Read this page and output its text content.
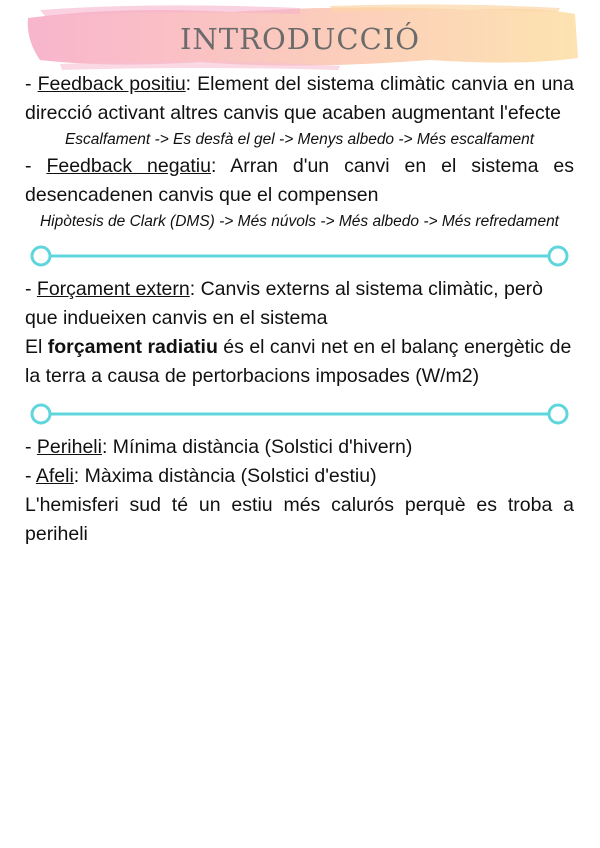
INTRODUCCIÓ

- Feedback positiu: Element del sistema climàtic canvia en una direcció activant altres canvis que acaben augmentant l'efecte

Escalfament -> Es desfà el gel -> Menys albedo -> Més escalfament

- Feedback negatiu: Arran d'un canvi en el sistema es desencadenen canvis que el compensen

Hipòtesis de Clark (DMS) -> Més núvols -> Més albedo -> Més refredament

- Forçament extern: Canvis externs al sistema climàtic, però que indueixen canvis en el sistema

El forçament radiatiu és el canvi net en el balanç energètic de la terra a causa de pertorbacions imposades (W/m2)

- Periheli: Mínima distància (Solstici d'hivern)

- Afeli: Màxima distància (Solstici d'estiu)

L'hemisferi sud té un estiu més calurós perquè es troba a periheli
